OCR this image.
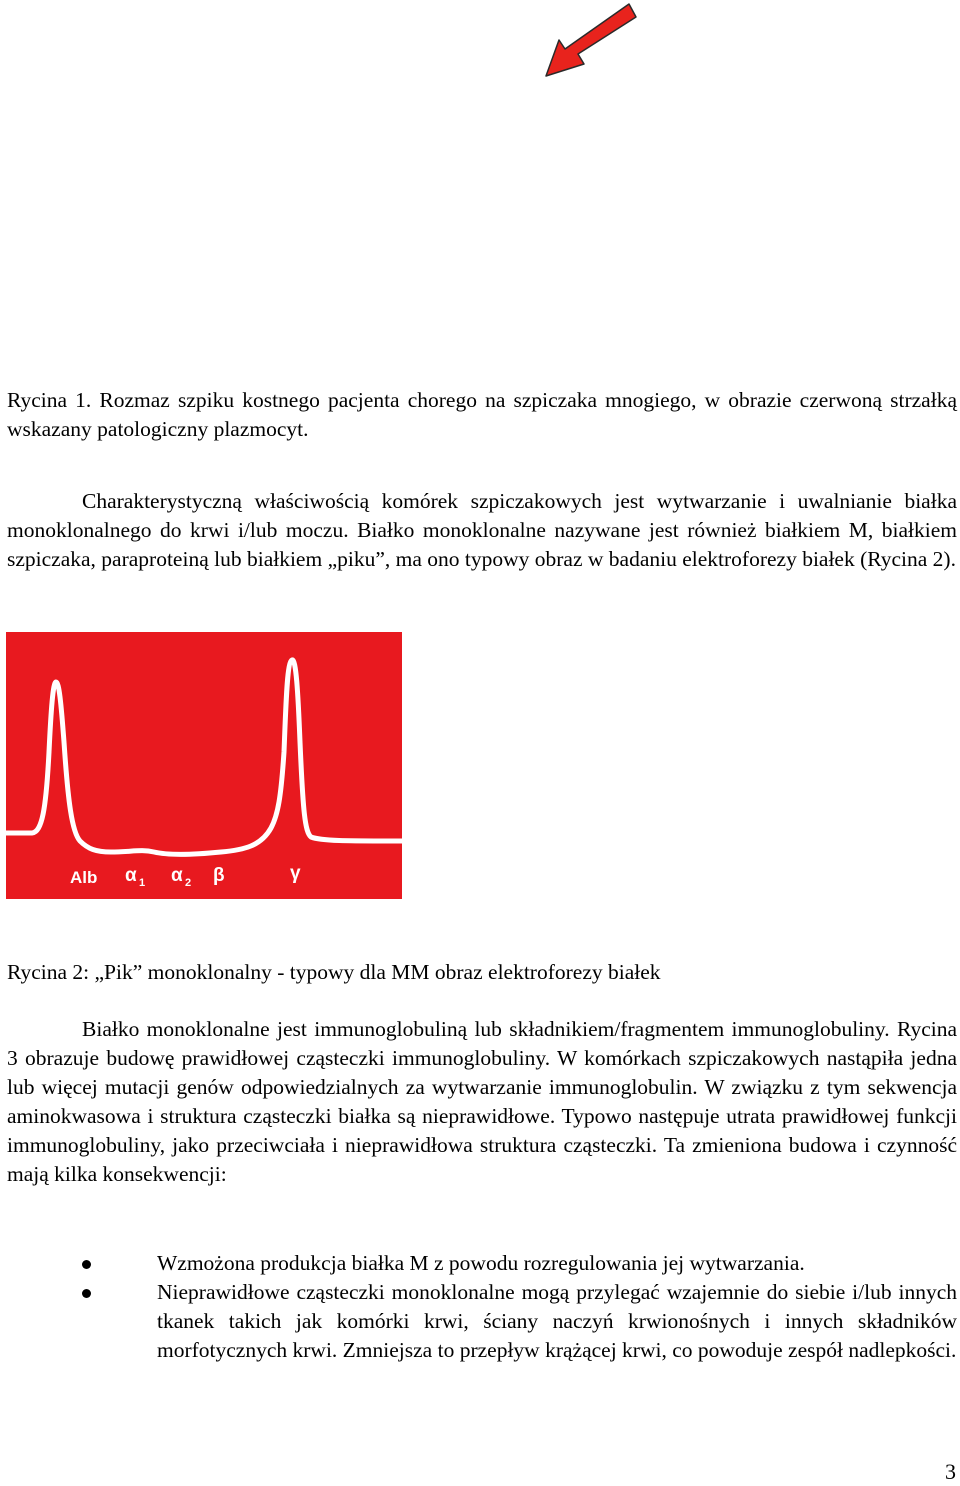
Rycina 1. Rozmaz szpiku kostnego pacjenta chorego na szpiczaka mnogiego, w obrazie czerwoną strzałką wskazany patologiczny plazmocyt.

Charakterystyczną właściwością komórek szpiczakowych jest wytwarzanie i uwalnianie białka monoklonalnego do krwi i/lub moczu. Białko monoklonalne nazywane jest również białkiem M, białkiem szpiczaka, paraproteiną lub białkiem „piku”, ma ono typowy obraz w badaniu elektroforezy białek (Rycina 2).

Alb α 1 α 2 β	γ

Rycina 2: „Pik” monoklonalny - typowy dla MM obraz elektroforezy białek

Białko monoklonalne jest immunoglobuliną lub składnikiem/fragmentem immunoglobuliny. Rycina 3 obrazuje budowę prawidłowej cząsteczki immunoglobuliny. W komórkach szpiczakowych nastąpiła jedna lub więcej mutacji genów odpowiedzialnych za wytwarzanie immunoglobulin. W związku z tym sekwencja aminokwasowa i struktura cząsteczki białka są nieprawidłowe. Typowo następuje utrata prawidłowej funkcji immunoglobuliny, jako przeciwciała i nieprawidłowa struktura cząsteczki. Ta zmieniona budowa i czynność mają kilka konsekwencji:

Wzmożona produkcja białka M z powodu rozregulowania jej wytwarzania.
Nieprawidłowe cząsteczki monoklonalne mogą przylegać wzajemnie do siebie i/lub innych tkanek takich jak komórki krwi, ściany naczyń krwionośnych i innych składników morfotycznych krwi. Zmniejsza to przepływ krążącej krwi, co powoduje zespół nadlepkości.
3
